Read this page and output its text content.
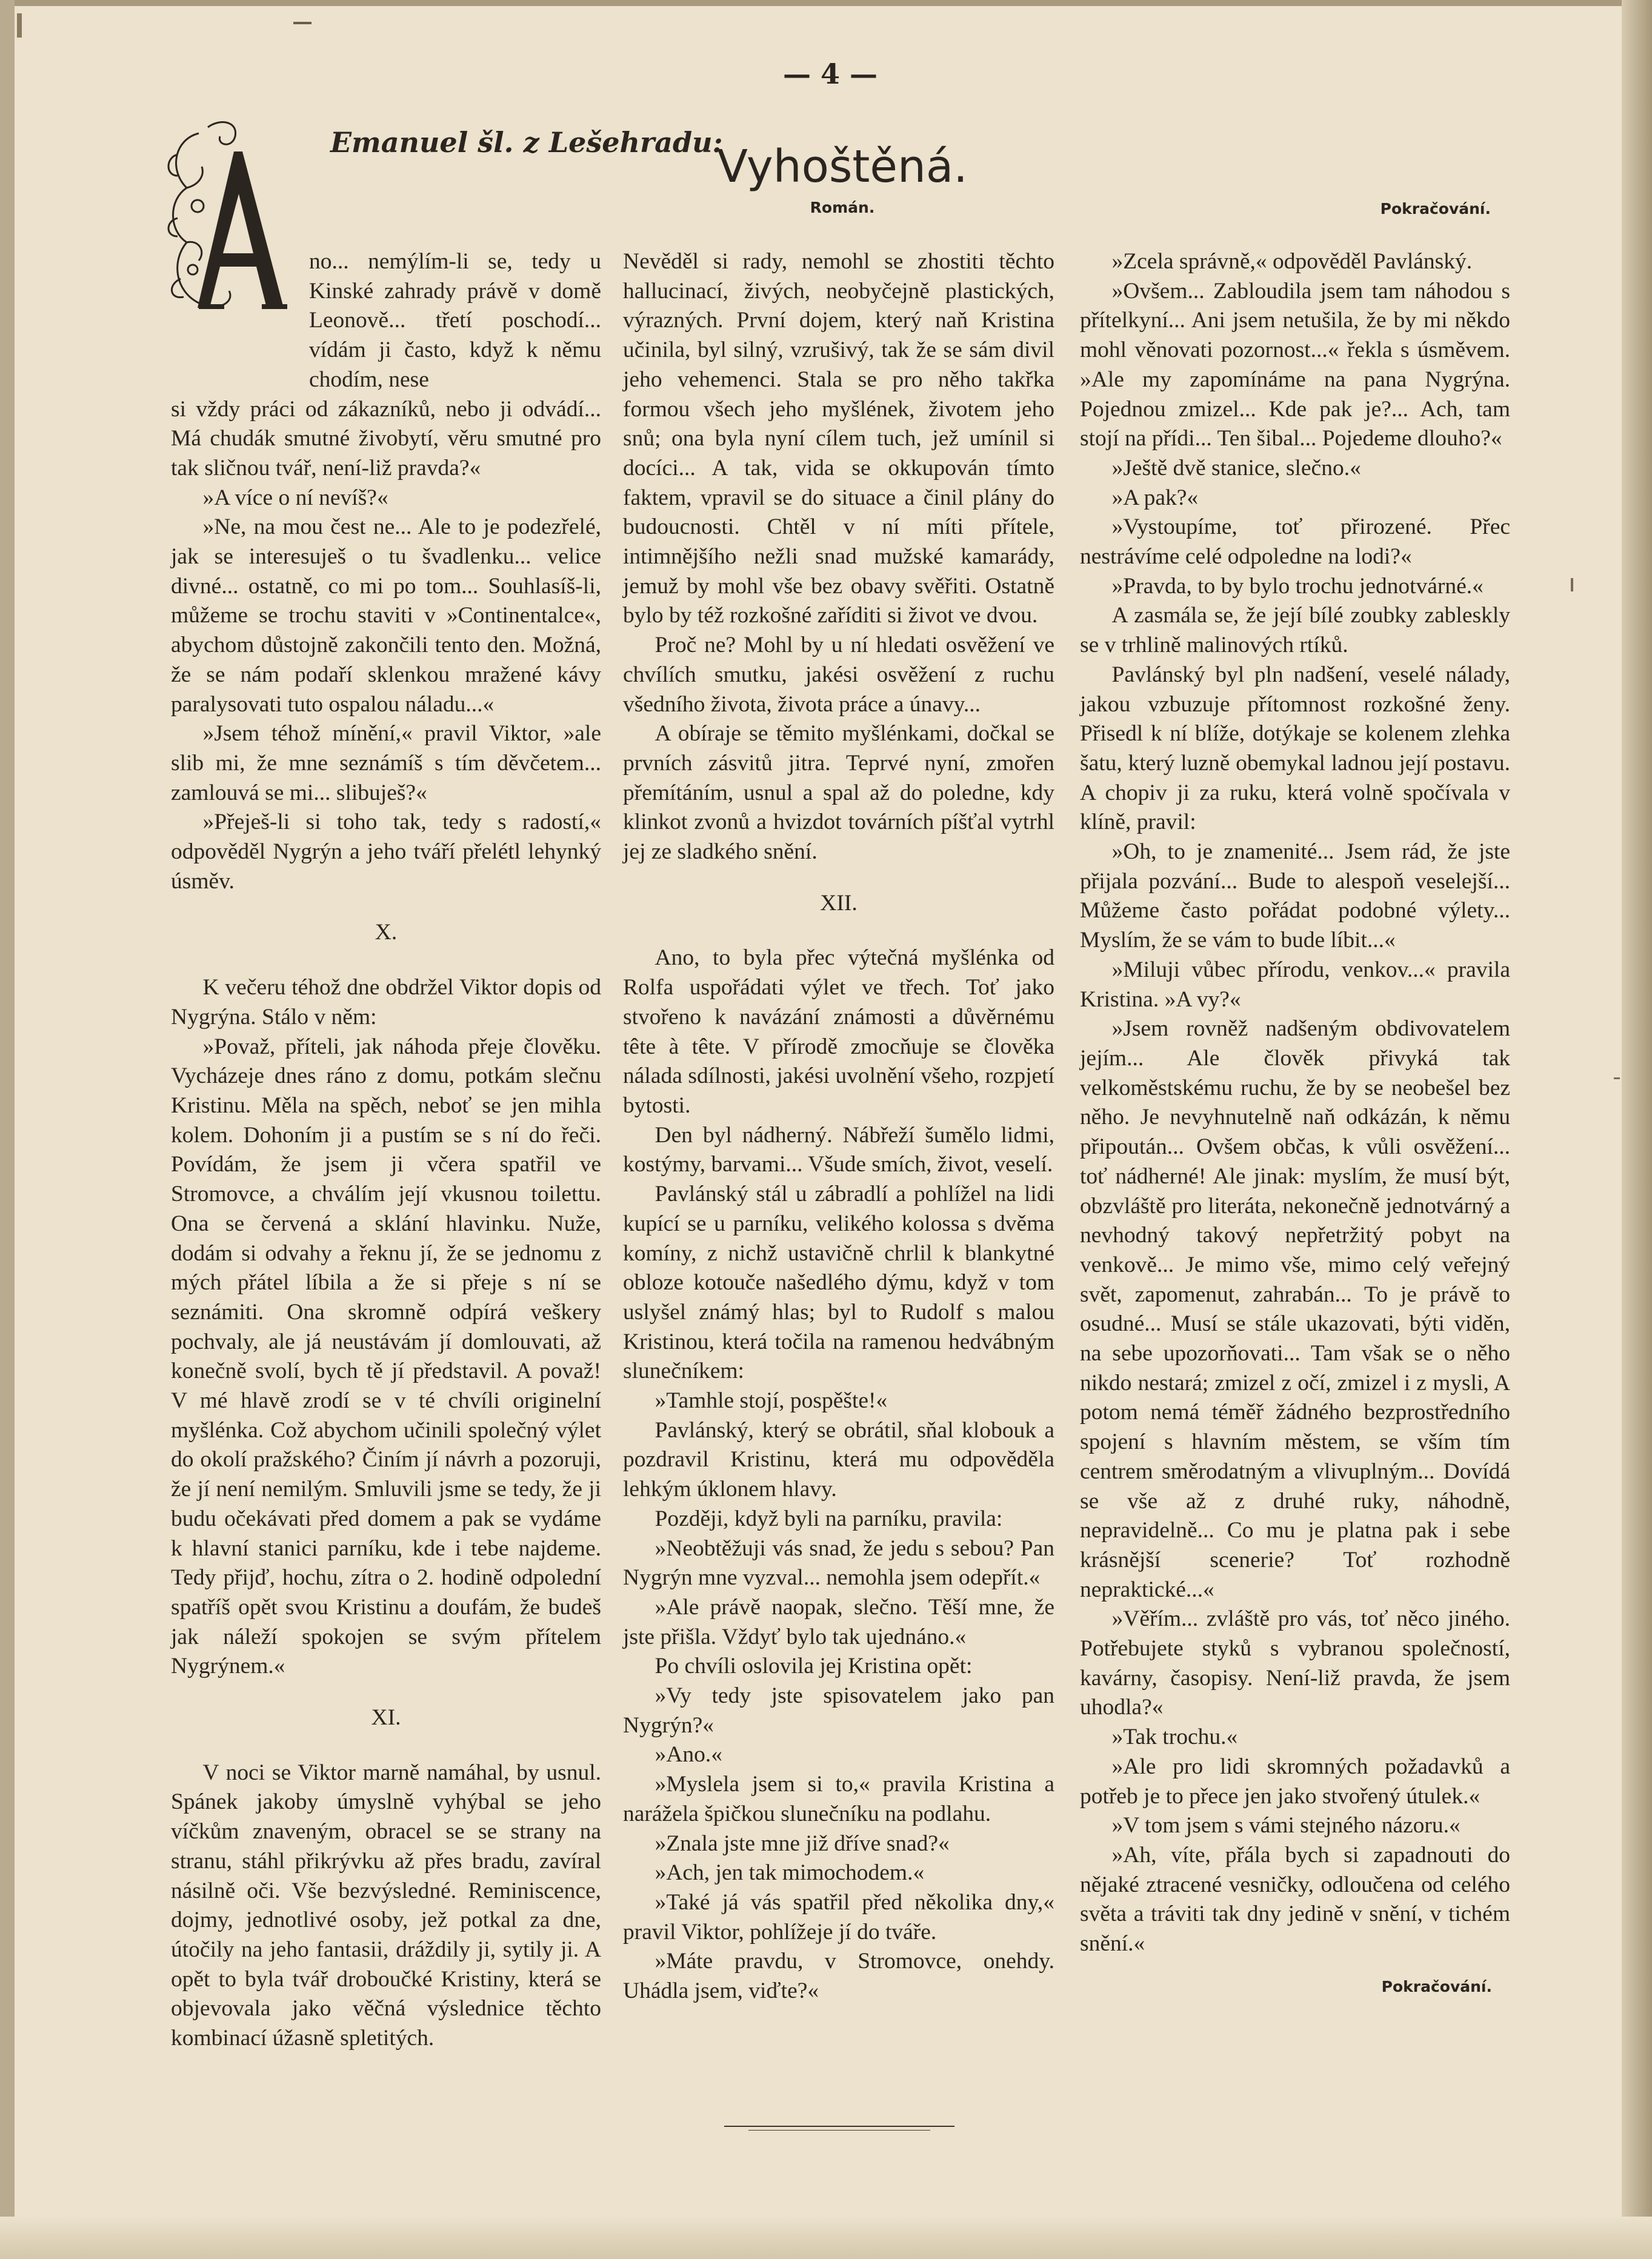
— 4 —
Emanuel šl. z Lešehradu:
Vyhoštěná.
Román.	Pokračování.
A

no... nemýlím-li se, tedy u Kinské zahrady právě v domě Leonově... třetí poschodí... vídám ji často, když k němu chodím, nese

si vždy práci od zákazníků, nebo ji odvádí... Má chudák smutné živobytí, věru smutné pro tak sličnou tvář, není-liž pravda?«

»A více o ní nevíš?«

»Ne, na mou čest ne... Ale to je podezřelé, jak se interesuješ o tu švadlenku... velice divné... ostatně, co mi po tom... Souhlasíš-li, můžeme se trochu staviti v »Continentalce«, abychom důstojně zakončili tento den. Možná, že se nám podaří sklenkou mražené kávy paralysovati tuto ospalou náladu...«

»Jsem téhož mínění,« pravil Viktor, »ale slib mi, že mne seznámíš s tím děvčetem... zamlouvá se mi... slibuješ?«

»Přeješ-li si toho tak, tedy s radostí,« odpověděl Nygrýn a jeho tváří přelétl lehynký úsměv.

X.

K večeru téhož dne obdržel Viktor dopis od Nygrýna. Stálo v něm:

»Považ, příteli, jak náhoda přeje člověku. Vycházeje dnes ráno z domu, potkám slečnu Kristinu. Měla na spěch, neboť se jen mihla kolem. Dohoním ji a pustím se s ní do řeči. Povídám, že jsem ji včera spatřil ve Stromovce, a chválím její vkusnou toilettu. Ona se červená a sklání hlavinku. Nuže, dodám si odvahy a řeknu jí, že se jednomu z mých přátel líbila a že si přeje s ní se seznámiti. Ona skromně odpírá veškery pochvaly, ale já neustávám jí domlouvati, až konečně svolí, bych tě jí představil. A považ! V mé hlavě zrodí se v té chvíli originelní myšlénka. Což abychom učinili společný výlet do okolí pražského? Činím jí návrh a pozoruji, že jí není nemilým. Smluvili jsme se tedy, že ji budu očekávati před domem a pak se vydáme k hlavní stanici parníku, kde i tebe najdeme. Tedy přijď, hochu, zítra o 2. hodině odpolední spatříš opět svou Kristinu a doufám, že budeš jak náleží spokojen se svým přítelem Nygrýnem.«

XI.

V noci se Viktor marně namáhal, by usnul. Spánek jakoby úmyslně vyhýbal se jeho víčkům znaveným, obracel se se strany na stranu, stáhl přikrývku až přes bradu, zavíral násilně oči. Vše bezvýsledné. Reminiscence, dojmy, jednotlivé osoby, jež potkal za dne, útočily na jeho fantasii, dráždily ji, sytily ji. A opět to byla tvář droboučké Kristiny, která se objevovala jako věčná výslednice těchto kombinací úžasně spletitých.

Nevěděl si rady, nemohl se zhostiti těchto hallucinací, živých, neobyčejně plastických, výrazných. První dojem, který naň Kristina učinila, byl silný, vzrušivý, tak že se sám divil jeho vehemenci. Stala se pro něho takřka formou všech jeho myšlének, životem jeho snů; ona byla nyní cílem tuch, jež umínil si docíci... A tak, vida se okkupován tímto faktem, vpravil se do situace a činil plány do budoucnosti. Chtěl v ní míti přítele, intimnějšího nežli snad mužské kamarády, jemuž by mohl vše bez obavy svěřiti. Ostatně bylo by též rozkošné zaříditi si život ve dvou.

Proč ne? Mohl by u ní hledati osvěžení ve chvílích smutku, jakési osvěžení z ruchu všedního života, života práce a únavy...

A obíraje se těmito myšlénkami, dočkal se prvních zásvitů jitra. Teprvé nyní, zmořen přemítáním, usnul a spal až do poledne, kdy klinkot zvonů a hvizdot továrních píšťal vytrhl jej ze sladkého snění.

XII.

Ano, to byla přec výtečná myšlénka od Rolfa uspořádati výlet ve třech. Toť jako stvořeno k navázání známosti a důvěrnému tête à tête. V přírodě zmocňuje se člověka nálada sdílnosti, jakési uvolnění všeho, rozpjetí bytosti.

Den byl nádherný. Nábřeží šumělo lidmi, kostýmy, barvami... Všude smích, život, veselí.

Pavlánský stál u zábradlí a pohlížel na lidi kupící se u parníku, velikého kolossa s dvěma komíny, z nichž ustavičně chrlil k blankytné obloze kotouče našedlého dýmu, když v tom uslyšel známý hlas; byl to Rudolf s malou Kristinou, která točila na ramenou hedvábným slunečníkem:

»Tamhle stojí, pospěšte!«

Pavlánský, který se obrátil, sňal klobouk a pozdravil Kristinu, která mu odpověděla lehkým úklonem hlavy.

Později, když byli na parníku, pravila:

»Neobtěžuji vás snad, že jedu s sebou? Pan Nygrýn mne vyzval... nemohla jsem odepřít.«

»Ale právě naopak, slečno. Těší mne, že jste přišla. Vždyť bylo tak ujednáno.«

Po chvíli oslovila jej Kristina opět:

»Vy tedy jste spisovatelem jako pan Nygrýn?«

»Ano.«

»Myslela jsem si to,« pravila Kristina a narážela špičkou slunečníku na podlahu.

»Znala jste mne již dříve snad?«

»Ach, jen tak mimochodem.«

»Také já vás spatřil před několika dny,« pravil Viktor, pohlížeje jí do tváře.

»Máte pravdu, v Stromovce, onehdy. Uhádla jsem, viďte?«

»Zcela správně,« odpověděl Pavlánský.

»Ovšem... Zabloudila jsem tam náhodou s přítelkyní... Ani jsem netušila, že by mi někdo mohl věnovati pozornost...« řekla s úsměvem. »Ale my zapomínáme na pana Nygrýna. Pojednou zmizel... Kde pak je?... Ach, tam stojí na přídi... Ten šibal... Pojedeme dlouho?«

»Ještě dvě stanice, slečno.«

»A pak?«

»Vystoupíme, toť přirozené. Přec nestrávíme celé odpoledne na lodi?«

»Pravda, to by bylo trochu jednotvárné.«

A zasmála se, že její bílé zoubky zableskly se v trhlině malinových rtíků.

Pavlánský byl pln nadšení, veselé nálady, jakou vzbuzuje přítomnost rozkošné ženy. Přisedl k ní blíže, dotýkaje se kolenem zlehka šatu, který luzně obemykal ladnou její postavu. A chopiv ji za ruku, která volně spočívala v klíně, pravil:

»Oh, to je znamenité... Jsem rád, že jste přijala pozvání... Bude to alespoň veselejší... Můžeme často pořádat podobné výlety... Myslím, že se vám to bude líbit...«

»Miluji vůbec přírodu, venkov...« pravila Kristina. »A vy?«

»Jsem rovněž nadšeným obdivovatelem jejím... Ale člověk přivyká tak velkoměstskému ruchu, že by se neobešel bez něho. Je nevyhnutelně naň odkázán, k němu připoután... Ovšem občas, k vůli osvěžení... toť nádherné! Ale jinak: myslím, že musí být, obzvláště pro literáta, nekonečně jednotvárný a nevhodný takový nepřetržitý pobyt na venkově... Je mimo vše, mimo celý veřejný svět, zapomenut, zahrabán... To je právě to osudné... Musí se stále ukazovati, býti viděn, na sebe upozorňovati... Tam však se o něho nikdo nestará; zmizel z očí, zmizel i z mysli, A potom nemá téměř žádného bezprostředního spojení s hlavním městem, se vším tím centrem směrodatným a vlivuplným... Dovídá se vše až z druhé ruky, náhodně, nepravidelně... Co mu je platna pak i sebe krásnější scenerie? Toť rozhodně nepraktické...«

»Věřím... zvláště pro vás, toť něco jiného. Potřebujete styků s vybranou společností, kavárny, časopisy. Není-liž pravda, že jsem uhodla?«

»Tak trochu.«

»Ale pro lidi skromných požadavků a potřeb je to přece jen jako stvořený útulek.«

»V tom jsem s vámi stejného názoru.«

»Ah, víte, přála bych si zapadnouti do nějaké ztracené vesničky, odloučena od celého světa a tráviti tak dny jedině v snění, v tichém snění.«

Pokračování.
